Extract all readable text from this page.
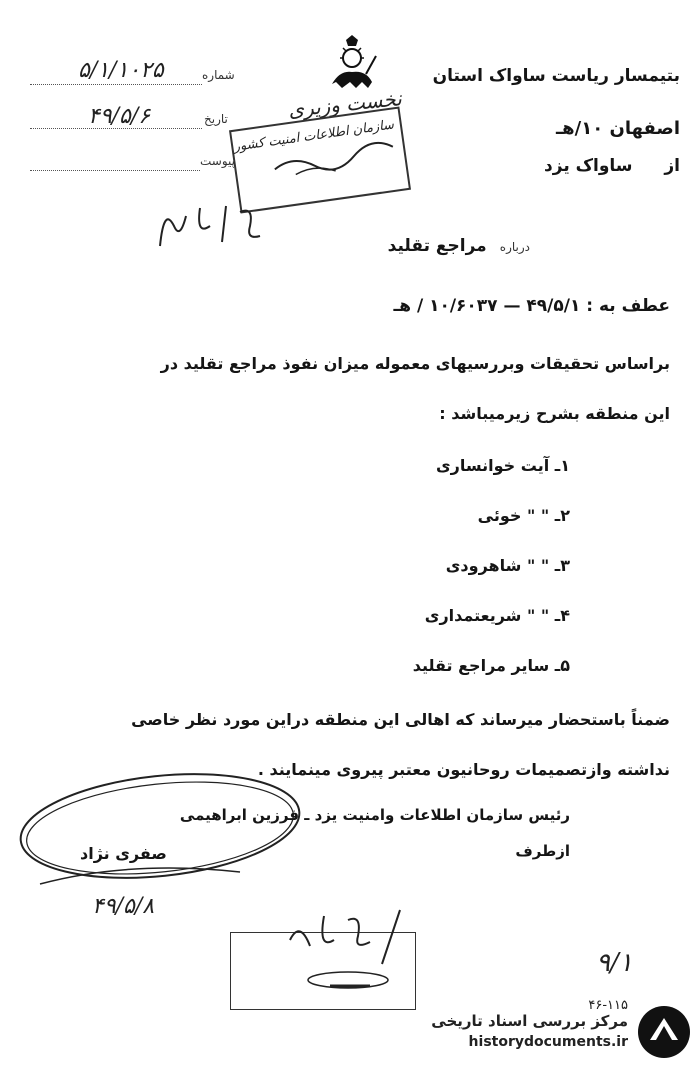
بتیمسار ریاست ساواک استان
اصفهان ۱۰/هـ
از  ساواک یزد
نخست وزیری
سازمان اطلاعات امنیت کشور
شماره
۵/۱/۱۰۲۵
تاریخ
۴۹/۵/۶
پیوست
درباره مراجع تقلید
عطف به : ۴۹/۵/۱ — ۱۰/۶۰۳۷ / هـ
براساس تحقیقات وبررسیهای معموله میزان نفوذ مراجع تقلید در
این منطقه بشرح زیرمیباشد :
۱ـ آیت خوانساری
۲ـ " " خوئی
۳ـ " " شاهرودی
۴ـ " " شریعتمداری
۵ـ سایر مراجع تقلید
ضمناً باستحضار میرساند که اهالی این منطقه دراین مورد نظر خاصی
نداشته وازتصمیمات روحانیون معتبر پیروی مینمایند .
رئیس سازمان اطلاعات وامنیت یزد ـ فرزین ابراهیمی
ازطرف
صفری نژاد
۴۹/۵/۸
۹/۱
۴۶-۱۱۵
مرکز بررسی اسناد تاریخی
historydocuments.ir
